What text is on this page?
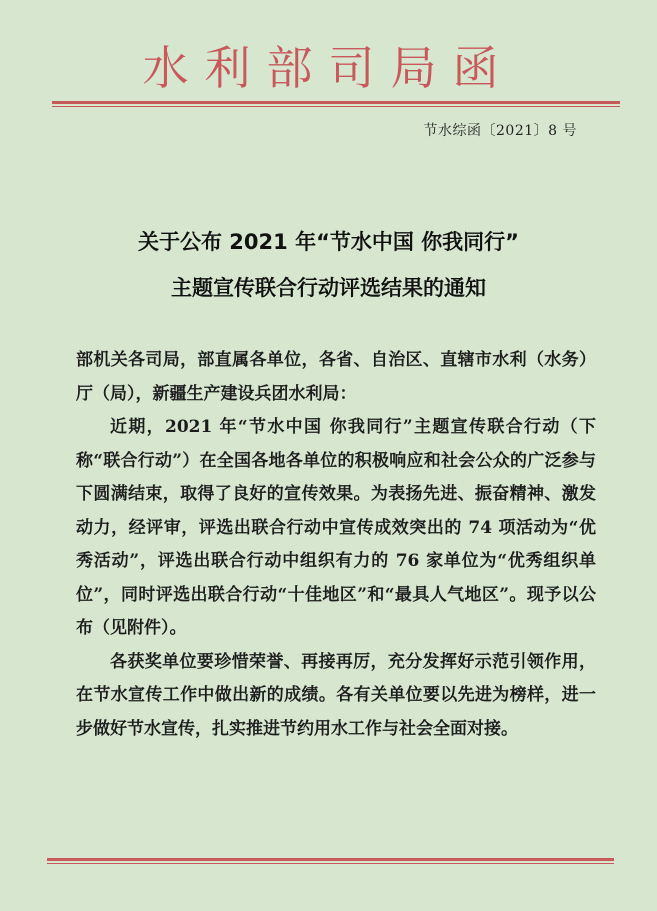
水利部司局函
节水综函〔2021〕8 号
关于公布 2021 年“节水中国 你我同行”
主题宣传联合行动评选结果的通知

部机关各司局，部直属各单位，各省、自治区、直辖市水利（水务）厅（局），新疆生产建设兵团水利局：

近期，2021 年“节水中国 你我同行”主题宣传联合行动（下称“联合行动”）在全国各地各单位的积极响应和社会公众的广泛参与下圆满结束，取得了良好的宣传效果。为表扬先进、振奋精神、激发动力，经评审，评选出联合行动中宣传成效突出的 74 项活动为“优秀活动”，评选出联合行动中组织有力的 76 家单位为“优秀组织单位”，同时评选出联合行动“十佳地区”和“最具人气地区”。现予以公布（见附件）。

各获奖单位要珍惜荣誉、再接再厉，充分发挥好示范引领作用，在节水宣传工作中做出新的成绩。各有关单位要以先进为榜样，进一步做好节水宣传，扎实推进节约用水工作与社会全面对接。
